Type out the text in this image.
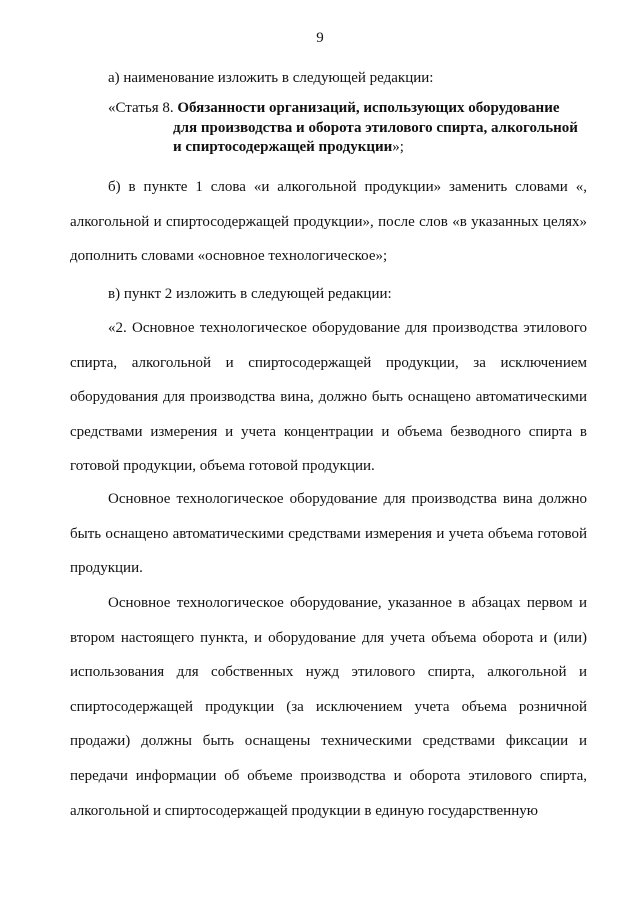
9

а) наименование изложить в следующей редакции:

«Статья 8. Обязанности организаций, использующих оборудование
для производства и оборота этилового спирта, алкогольной
и спиртосодержащей продукции»;

б) в пункте 1 слова «и алкогольной продукции» заменить словами «, алкогольной и спиртосодержащей продукции», после слов «в указанных целях» дополнить словами «основное технологическое»;

в) пункт 2 изложить в следующей редакции:

«2. Основное технологическое оборудование для производства этилового спирта, алкогольной и спиртосодержащей продукции, за исключением оборудования для производства вина, должно быть оснащено автоматическими средствами измерения и учета концентрации и объема безводного спирта в готовой продукции, объема готовой продукции.

Основное технологическое оборудование для производства вина должно быть оснащено автоматическими средствами измерения и учета объема готовой продукции.

Основное технологическое оборудование, указанное в абзацах первом и втором настоящего пункта, и оборудование для учета объема оборота и (или) использования для собственных нужд этилового спирта, алкогольной и спиртосодержащей продукции (за исключением учета объема розничной продажи) должны быть оснащены техническими средствами фиксации и передачи информации об объеме производства и оборота этилового спирта, алкогольной и спиртосодержащей продукции в единую государственную
